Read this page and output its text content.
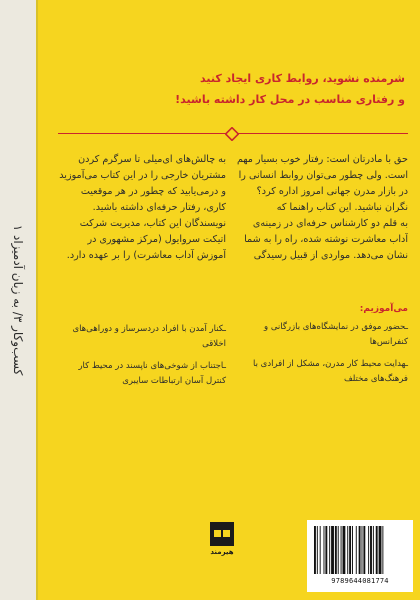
کسب‌وکار ۳/ به زبان آدمیزاد ۱
شرمنده نشوید، روابط کاری ایجاد کنید
و رفتاری مناسب در محل کار داشته باشید!
حق با مادرتان است: رفتار خوب بسیار مهم
است. ولی چطور می‌توان روابط انسانی را
در بازار مدرن جهانی امروز اداره کرد؟
نگران نباشید. این کتاب راهنما که
به قلم دو کارشناس حرفه‌ای در زمینه‌ی
آداب معاشرت نوشته شده، راه را به شما
نشان می‌دهد. مواردی از قبیل رسیدگی
به چالش‌های ای‌میلی تا سرگرم کردن
مشتریان خارجی را در این کتاب می‌آموزید
و درمی‌یابید که چطور در هر موقعیت
کاری، رفتار حرفه‌ای داشته باشید.
نویسندگان این کتاب، مدیریت شرکت
اتیکت سروایول (مرکز مشهوری در
آموزش آداب معاشرت) را بر عهده دارد.
می‌آموزیم:
ـحضور موفق در نمایشگاه‌های بازرگانی و
کنفرانس‌ها
ـهدایت محیط کار مدرن، مشکل از افرادی با
فرهنگ‌های مختلف
ـکنار آمدن با افراد دردسرساز و دوراهی‌های
اخلاقی
ـاجتناب از شوخی‌های ناپسند در محیط کار
کنترل آسان ارتباطات سایبری
هیرمند
9789644081774
